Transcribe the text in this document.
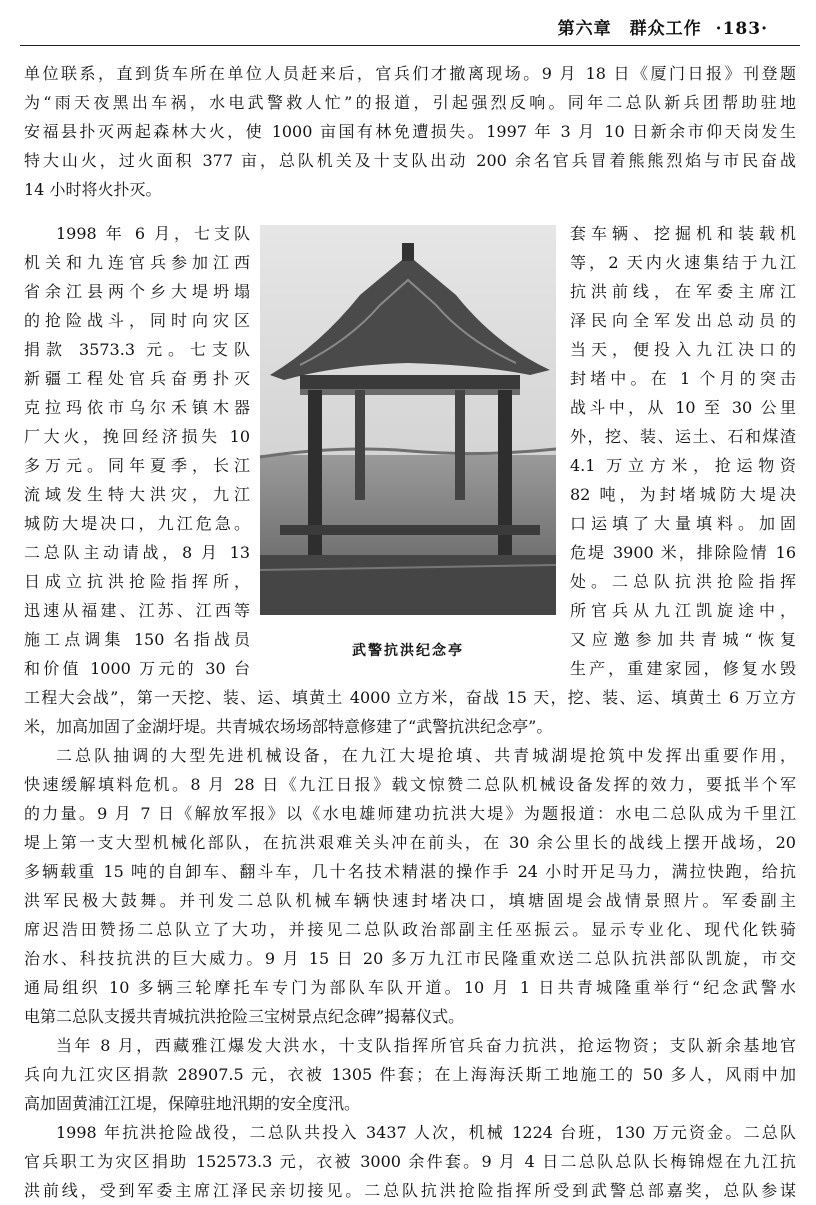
第六章　群众工作 ·183·
单位联系，直到货车所在单位人员赶来后，官兵们才撤离现场。9 月 18 日《厦门日报》刊登题
为“雨天夜黑出车祸，水电武警救人忙”的报道，引起强烈反响。同年二总队新兵团帮助驻地
安福县扑灭两起森林大火，使 1000 亩国有林免遭损失。1997 年 3 月 10 日新余市仰天岗发生
特大山火，过火面积 377 亩，总队机关及十支队出动 200 余名官兵冒着熊熊烈焰与市民奋战
14 小时将火扑灭。
1998 年 6 月，七支队
机关和九连官兵参加江西
省余江县两个乡大堤坍塌
的抢险战斗，同时向灾区
捐款 3573.3 元。七支队
新疆工程处官兵奋勇扑灭
克拉玛依市乌尔禾镇木器
厂大火，挽回经济损失 10
多万元。同年夏季，长江
流域发生特大洪灾，九江
城防大堤决口，九江危急。
二总队主动请战，8 月 13
日成立抗洪抢险指挥所，
迅速从福建、江苏、江西等
施工点调集 150 名指战员
和价值 1000 万元的 30 台
武警抗洪纪念亭
套车辆、挖掘机和装载机
等，2 天内火速集结于九江
抗洪前线，在军委主席江
泽民向全军发出总动员的
当天，便投入九江决口的
封堵中。在 1 个月的突击
战斗中，从 10 至 30 公里
外，挖、装、运土、石和煤渣
4.1 万立方米，抢运物资
82 吨，为封堵城防大堤决
口运填了大量填料。加固
危堤 3900 米，排除险情 16
处。二总队抗洪抢险指挥
所官兵从九江凯旋途中，
又应邀参加共青城“恢复
生产，重建家园，修复水毁
工程大会战”，第一天挖、装、运、填黄土 4000 立方米，奋战 15 天，挖、装、运、填黄土 6 万立方
米，加高加固了金湖圩堤。共青城农场场部特意修建了“武警抗洪纪念亭”。
二总队抽调的大型先进机械设备，在九江大堤抢填、共青城湖堤抢筑中发挥出重要作用，
快速缓解填料危机。8 月 28 日《九江日报》载文惊赞二总队机械设备发挥的效力，要抵半个军
的力量。9 月 7 日《解放军报》以《水电雄师建功抗洪大堤》为题报道：水电二总队成为千里江
堤上第一支大型机械化部队，在抗洪艰难关头冲在前头，在 30 余公里长的战线上摆开战场，20
多辆载重 15 吨的自卸车、翻斗车，几十名技术精湛的操作手 24 小时开足马力，满拉快跑，给抗
洪军民极大鼓舞。并刊发二总队机械车辆快速封堵决口，填塘固堤会战情景照片。军委副主
席迟浩田赞扬二总队立了大功，并接见二总队政治部副主任巫振云。显示专业化、现代化铁骑
治水、科技抗洪的巨大威力。9 月 15 日 20 多万九江市民隆重欢送二总队抗洪部队凯旋，市交
通局组织 10 多辆三轮摩托车专门为部队车队开道。10 月 1 日共青城隆重举行“纪念武警水
电第二总队支援共青城抗洪抢险三宝树景点纪念碑”揭幕仪式。
当年 8 月，西藏雅江爆发大洪水，十支队指挥所官兵奋力抗洪，抢运物资；支队新余基地官
兵向九江灾区捐款 28907.5 元，衣被 1305 件套；在上海海沃斯工地施工的 50 多人，风雨中加
高加固黄浦江江堤，保障驻地汛期的安全度汛。
1998 年抗洪抢险战役，二总队共投入 3437 人次，机械 1224 台班，130 万元资金。二总队
官兵职工为灾区捐助 152573.3 元，衣被 3000 余件套。9 月 4 日二总队总队长梅锦煜在九江抗
洪前线，受到军委主席江泽民亲切接见。二总队抗洪抢险指挥所受到武警总部嘉奖，总队参谋
